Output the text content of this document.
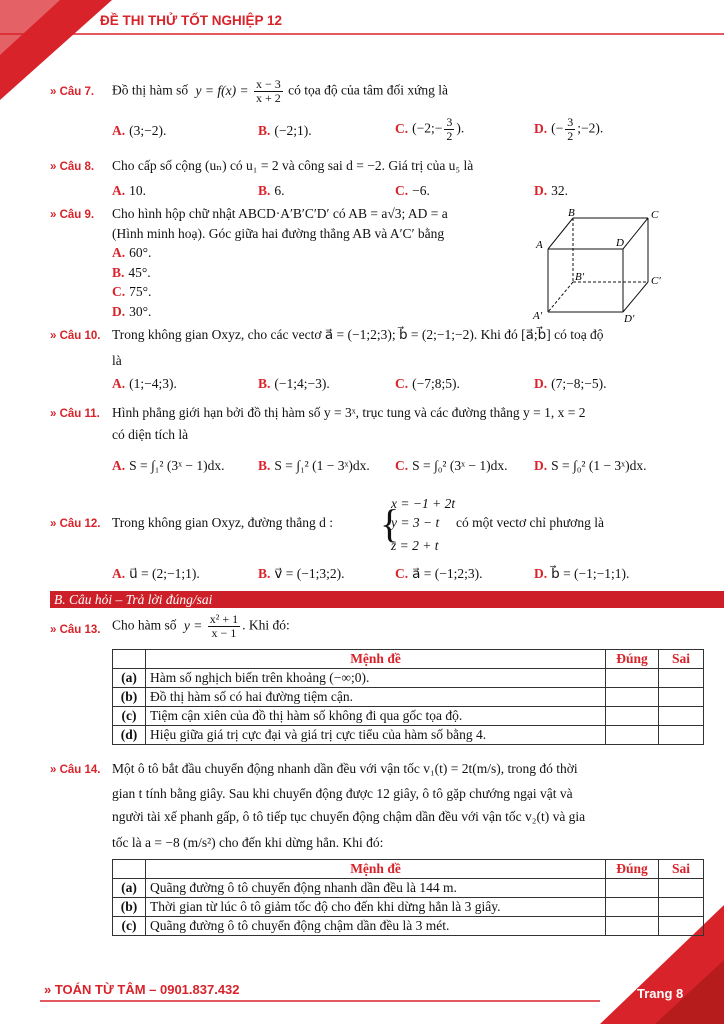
ĐỀ THI THỬ TỐT NGHIỆP 12
» Câu 7. Đồ thị hàm số $y = f(x) = \frac{x - 3}{x + 2}$ có tọa độ của tâm đối xứng là
A. (3;−2).	B. (−2;1).	C. (−2;− $\frac{3}{2}$ ).	D. (− $\frac{3}{2}$ ;−2).
» Câu 8. Cho cấp số cộng (uₙ) có u₁ = 2 và công sai d = −2. Giá trị của u₅ là
A. 10.	B. 6.	C. −6.	D. 32.
» Câu 9. Cho hình hộp chữ nhật ABCD·A′B′C′D′ có AB = a√3; AD = a
(Hình minh hoạ). Góc giữa hai đường thẳng AB và A′C′ bằng
A. 60°.
B. 45°.
C. 75°.
D. 30°.
B	C
A	D
B′	C′
A′	D′
» Câu 10. Trong không gian Oxyz, cho các vectơ a⃗ = (−1;2;3); b⃗ = (2;−1;−2). Khi đó [a⃗;b⃗] có toạ độ
là
A. (1;−4;3).	B. (−1;4;−3).	C. (−7;8;5).	D. (7;−8;−5).
» Câu 11. Hình phẳng giới hạn bởi đồ thị hàm số y = 3ˣ, trục tung và các đường thẳng y = 1, x = 2
có diện tích là
A. S = ∫₁² (3ˣ − 1)dx. B. S = ∫₁² (1 − 3ˣ)dx. C. S = ∫₀² (3ˣ − 1)dx. D. S = ∫₀² (1 − 3ˣ)dx.
» Câu 12. Trong không gian Oxyz, đường thẳng d : {
x = −1 + 2t
y = 3 − t
z = 2 + t
có một vectơ chỉ phương là
A. u⃗ = (2;−1;1).	B. v⃗ = (−1;3;2).	C. a⃗ = (−1;2;3).	D. b⃗ = (−1;−1;1).
B. Câu hỏi – Trả lời đúng/sai
» Câu 13. Cho hàm số $y = \frac{\text{x² + 1}}{x - 1}$ . Khi đó:
	Mệnh đề	Đúng	Sai
(a)	Hàm số nghịch biến trên khoảng (−∞;0).		
(b)	Đồ thị hàm số có hai đường tiệm cận.		
(c)	Tiệm cận xiên của đồ thị hàm số không đi qua gốc tọa độ.		
(d)	Hiệu giữa giá trị cực đại và giá trị cực tiểu của hàm số bằng 4.		
» Câu 14. Một ô tô bắt đầu chuyển động nhanh dần đều với vận tốc v₁(t) = 2t(m/s), trong đó thời
gian t tính bằng giây. Sau khi chuyển động được 12 giây, ô tô gặp chướng ngại vật và
người tài xế phanh gấp, ô tô tiếp tục chuyển động chậm dần đều với vận tốc v₂(t) và gia
tốc là a = −8 (m/s²) cho đến khi dừng hẳn. Khi đó:
	Mệnh đề	Đúng	Sai
(a)	Quãng đường ô tô chuyển động nhanh dần đều là 144 m.		
(b)	Thời gian từ lúc ô tô giảm tốc độ cho đến khi dừng hẳn là 3 giây.		
(c)	Quãng đường ô tô chuyển động chậm dần đều là 3 mét.		
» TOÁN TỪ TÂM – 0901.837.432	Trang 8
